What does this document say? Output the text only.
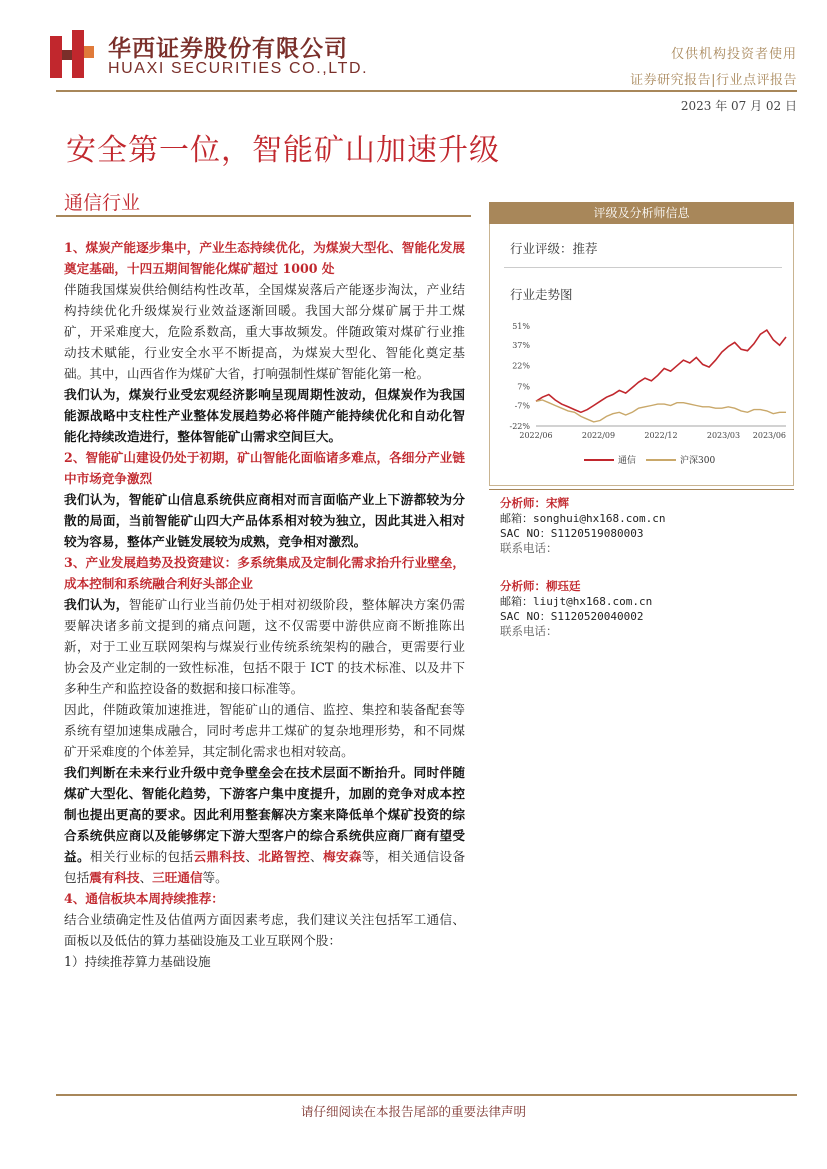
华西证券股份有限公司
HUAXI SECURITIES CO.,LTD.
仅供机构投资者使用
证券研究报告|行业点评报告
2023 年 07 月 02 日
安全第一位，智能矿山加速升级
通信行业

1、煤炭产能逐步集中，产业生态持续优化，为煤炭大型化、智能化发展奠定基础，十四五期间智能化煤矿超过 1000 处

伴随我国煤炭供给侧结构性改革，全国煤炭落后产能逐步淘汰，产业结构持续优化升级煤炭行业效益逐渐回暖。我国大部分煤矿属于井工煤矿，开采难度大，危险系数高，重大事故频发。伴随政策对煤矿行业推动技术赋能，行业安全水平不断提高，为煤炭大型化、智能化奠定基础。其中，山西省作为煤矿大省，打响强制性煤矿智能化第一枪。

我们认为，煤炭行业受宏观经济影响呈现周期性波动，但煤炭作为我国能源战略中支柱性产业整体发展趋势必将伴随产能持续优化和自动化智能化持续改造进行，整体智能矿山需求空间巨大。

2、智能矿山建设仍处于初期，矿山智能化面临诸多难点，各细分产业链中市场竞争激烈

我们认为，智能矿山信息系统供应商相对而言面临产业上下游都较为分散的局面，当前智能矿山四大产品体系相对较为独立，因此其进入相对较为容易，整体产业链发展较为成熟，竞争相对激烈。

3、产业发展趋势及投资建议：多系统集成及定制化需求抬升行业壁垒，成本控制和系统融合利好头部企业

我们认为，智能矿山行业当前仍处于相对初级阶段，整体解决方案仍需要解决诸多前文提到的痛点问题，这不仅需要中游供应商不断推陈出新，对于工业互联网架构与煤炭行业传统系统架构的融合，更需要行业协会及产业定制的一致性标准，包括不限于 ICT 的技术标准、以及井下多种生产和监控设备的数据和接口标准等。

因此，伴随政策加速推进，智能矿山的通信、监控、集控和装备配套等系统有望加速集成融合，同时考虑井工煤矿的复杂地理形势，和不同煤矿开采难度的个体差异，其定制化需求也相对较高。

我们判断在未来行业升级中竞争壁垒会在技术层面不断抬升。同时伴随煤矿大型化、智能化趋势，下游客户集中度提升，加剧的竞争对成本控制也提出更高的要求。因此利用整套解决方案来降低单个煤矿投资的综合系统供应商以及能够绑定下游大型客户的综合系统供应商厂商有望受益。相关行业标的包括云鼎科技、北路智控、梅安森等，相关通信设备包括震有科技、三旺通信等。

4、通信板块本周持续推荐：

结合业绩确定性及估值两方面因素考虑，我们建议关注包括军工通信、面板以及低估的算力基础设施及工业互联网个股：

1）持续推荐算力基础设施

评级及分析师信息
行业评级：推荐
行业走势图
51%
37%
22%
7%
-7%
-22%
2022/06	2022/09	2022/12	2023/03 2023/06
通信	沪深300
分析师：宋辉
邮箱：songhui@hx168.com.cn
SAC NO：S1120519080003
联系电话：
分析师：柳珏廷
邮箱：liujt@hx168.com.cn
SAC NO：S1120520040002
联系电话：
请仔细阅读在本报告尾部的重要法律声明
